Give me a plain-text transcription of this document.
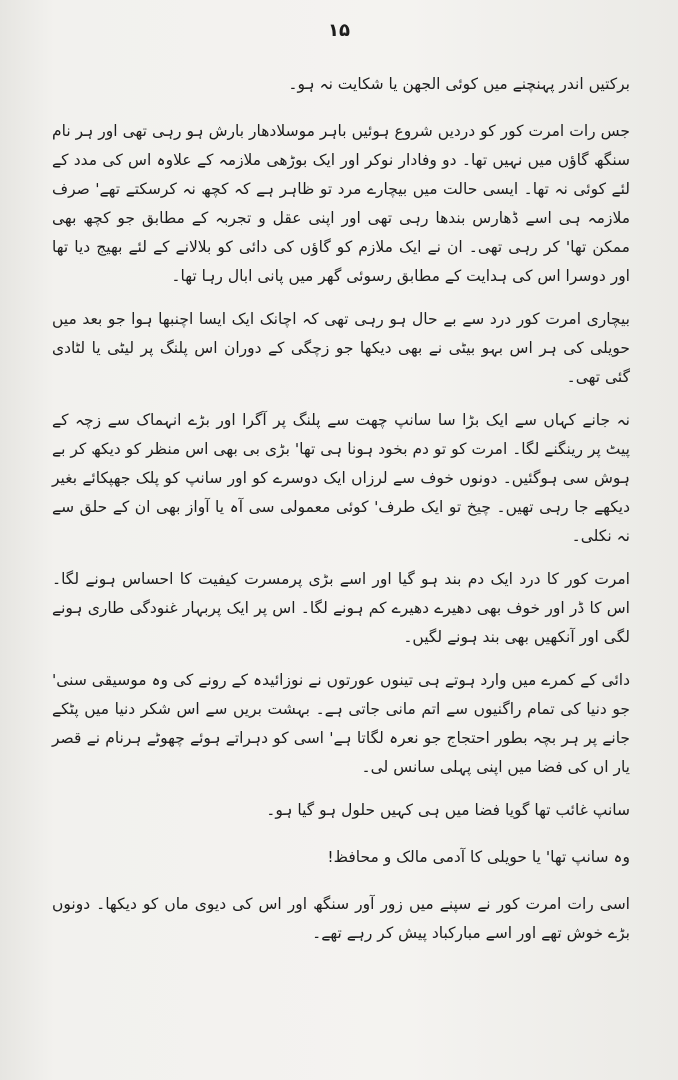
۱۵

برکتیں اندر پہنچنے میں کوئی الجھن یا شکایت نہ ہو۔

جس رات امرت کور کو دردیں شروع ہوئیں باہر موسلادھار بارش ہو رہی تھی اور ہر نام سنگھ گاؤں میں نہیں تھا۔ دو وفادار نوکر اور ایک بوڑھی ملازمہ کے علاوہ اس کی مدد کے لئے کوئی نہ تھا۔ ایسی حالت میں بیچارے مرد تو ظاہر ہے کہ کچھ نہ کرسکتے تھے' صرف ملازمہ ہی اسے ڈھارس بندھا رہی تھی اور اپنی عقل و تجربہ کے مطابق جو کچھ بھی ممکن تھا' کر رہی تھی۔ ان نے ایک ملازم کو گاؤں کی دائی کو بلالانے کے لئے بھیج دیا تھا اور دوسرا اس کی ہدایت کے مطابق رسوئی گھر میں پانی ابال رہا تھا۔

بیچاری امرت کور درد سے بے حال ہو رہی تھی کہ اچانک ایک ایسا اچنبھا ہوا جو بعد میں حویلی کی ہر اس بہو بیٹی نے بھی دیکھا جو زچگی کے دوران اس پلنگ پر لیٹی یا لٹادی گئی تھی۔

نہ جانے کہاں سے ایک بڑا سا سانپ چھت سے پلنگ پر آگرا اور بڑے انہماک سے زچہ کے پیٹ پر رینگنے لگا۔ امرت کو تو دم بخود ہونا ہی تھا' بڑی بی بھی اس منظر کو دیکھ کر بے ہوش سی ہوگئیں۔ دونوں خوف سے لرزاں ایک دوسرے کو اور سانپ کو پلک جھپکائے بغیر دیکھے جا رہی تھیں۔ چیخ تو ایک طرف' کوئی معمولی سی آہ یا آواز بھی ان کے حلق سے نہ نکلی۔

امرت کور کا درد ایک دم بند ہو گیا اور اسے بڑی پرمسرت کیفیت کا احساس ہونے لگا۔ اس کا ڈر اور خوف بھی دھیرے دھیرے کم ہونے لگا۔ اس پر ایک پربہار غنودگی طاری ہونے لگی اور آنکھیں بھی بند ہونے لگیں۔

دائی کے کمرے میں وارد ہوتے ہی تینوں عورتوں نے نوزائیدہ کے رونے کی وہ موسیقی سنی' جو دنیا کی تمام راگنیوں سے اتم مانی جاتی ہے۔ بہشت بریں سے اس شکر دنیا میں پٹکے جانے پر ہر بچہ بطور احتجاج جو نعرہ لگاتا ہے' اسی کو دہراتے ہوئے چھوٹے ہرنام نے قصر یار اں کی فضا میں اپنی پہلی سانس لی۔

سانپ غائب تھا گویا فضا میں ہی کہیں حلول ہو گیا ہو۔

وہ سانپ تھا' یا حویلی کا آدمی مالک و محافظ!

اسی رات امرت کور نے سپنے میں زور آور سنگھ اور اس کی دیوی ماں کو دیکھا۔ دونوں بڑے خوش تھے اور اسے مبارکباد پیش کر رہے تھے۔
